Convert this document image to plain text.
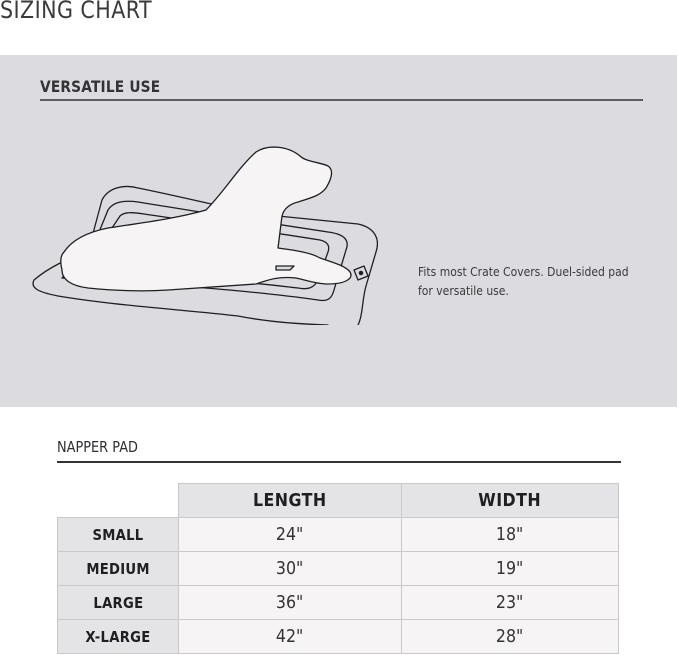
SIZING CHART
VERSATILE USE
Fits most Crate Covers. Duel-sided pad for versatile use.
NAPPER PAD
	LENGTH	WIDTH
SMALL	24"	18"
MEDIUM	30"	19"
LARGE	36"	23"
X-LARGE	42"	28"
